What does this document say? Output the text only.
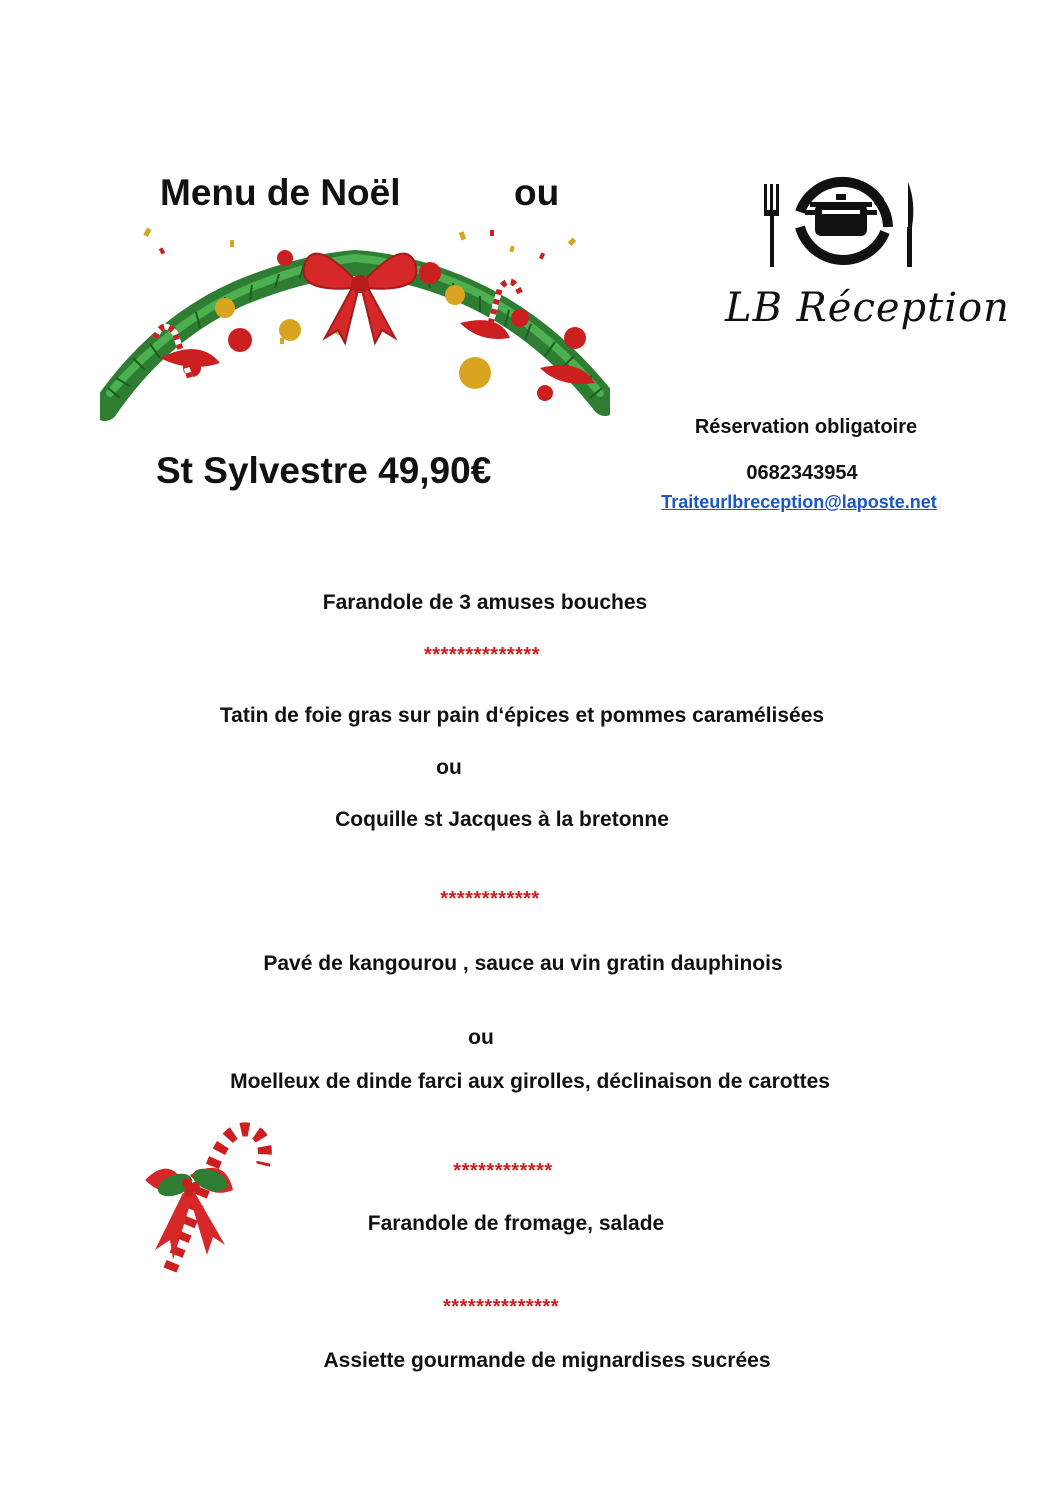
Menu de Noël	ou
St Sylvestre 49,90€
LB Réception
Réservation obligatoire
0682343954
Traiteurlbreception@laposte.net
Farandole de 3 amuses bouches
**************
Tatin de foie gras sur pain d‘épices et pommes caramélisées
ou
Coquille st Jacques à la bretonne
************
Pavé de kangourou , sauce au vin gratin dauphinois
ou
Moelleux de dinde farci aux girolles, déclinaison de carottes
************
Farandole de fromage, salade
**************
Assiette gourmande de mignardises sucrées
